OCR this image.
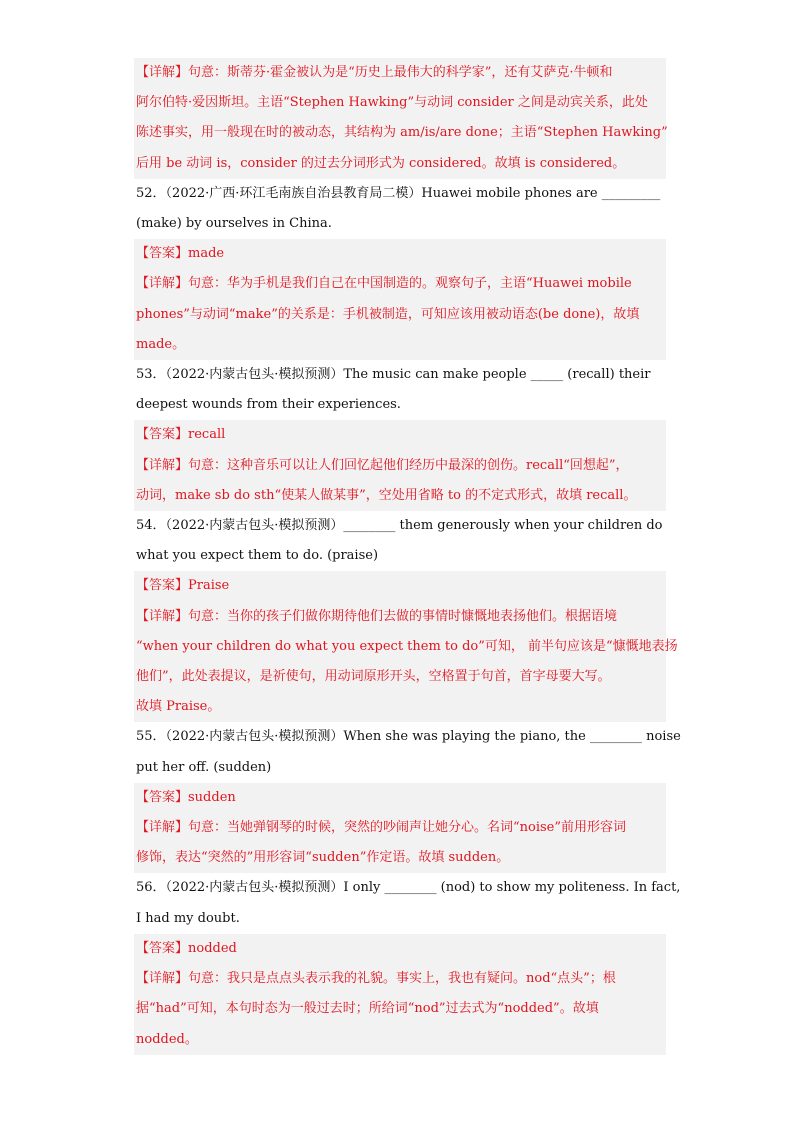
【详解】句意：斯蒂芬·霍金被认为是“历史上最伟大的科学家”，还有艾萨克·牛顿和
阿尔伯特·爱因斯坦。主语“Stephen Hawking”与动词 consider 之间是动宾关系，此处
陈述事实，用一般现在时的被动态，其结构为 am/is/are done；主语“Stephen Hawking”
后用 be 动词 is，consider 的过去分词形式为 considered。故填 is considered。
52．（2022·广西·环江毛南族自治县教育局二模）Huawei mobile phones are _________
(make) by ourselves in China.
【答案】made
【详解】句意：华为手机是我们自己在中国制造的。观察句子，主语“Huawei mobile
phones”与动词“make”的关系是：手机被制造，可知应该用被动语态(be done)，故填
made。
53．（2022·内蒙古包头·模拟预测）The music can make people _____ (recall) their
deepest wounds from their experiences.
【答案】recall
【详解】句意：这种音乐可以让人们回忆起他们经历中最深的创伤。recall“回想起”，
动词，make sb do sth“使某人做某事”，空处用省略 to 的不定式形式，故填 recall。
54．（2022·内蒙古包头·模拟预测）________ them generously when your children do
what you expect them to do. (praise)
【答案】Praise
【详解】句意：当你的孩子们做你期待他们去做的事情时慷慨地表扬他们。根据语境
“when your children do what you expect them to do”可知， 前半句应该是“慷慨地表扬
他们”，此处表提议，是祈使句，用动词原形开头，空格置于句首，首字母要大写。
故填 Praise。
55．（2022·内蒙古包头·模拟预测）When she was playing the piano, the ________ noise
put her off. (sudden)
【答案】sudden
【详解】句意：当她弹钢琴的时候，突然的吵闹声让她分心。名词“noise”前用形容词
修饰，表达“突然的”用形容词“sudden”作定语。故填 sudden。
56．（2022·内蒙古包头·模拟预测）I only ________ (nod) to show my politeness. In fact,
I had my doubt.
【答案】nodded
【详解】句意：我只是点点头表示我的礼貌。事实上，我也有疑问。nod“点头”；根
据“had”可知，本句时态为一般过去时；所给词“nod”过去式为“nodded”。故填
nodded。
